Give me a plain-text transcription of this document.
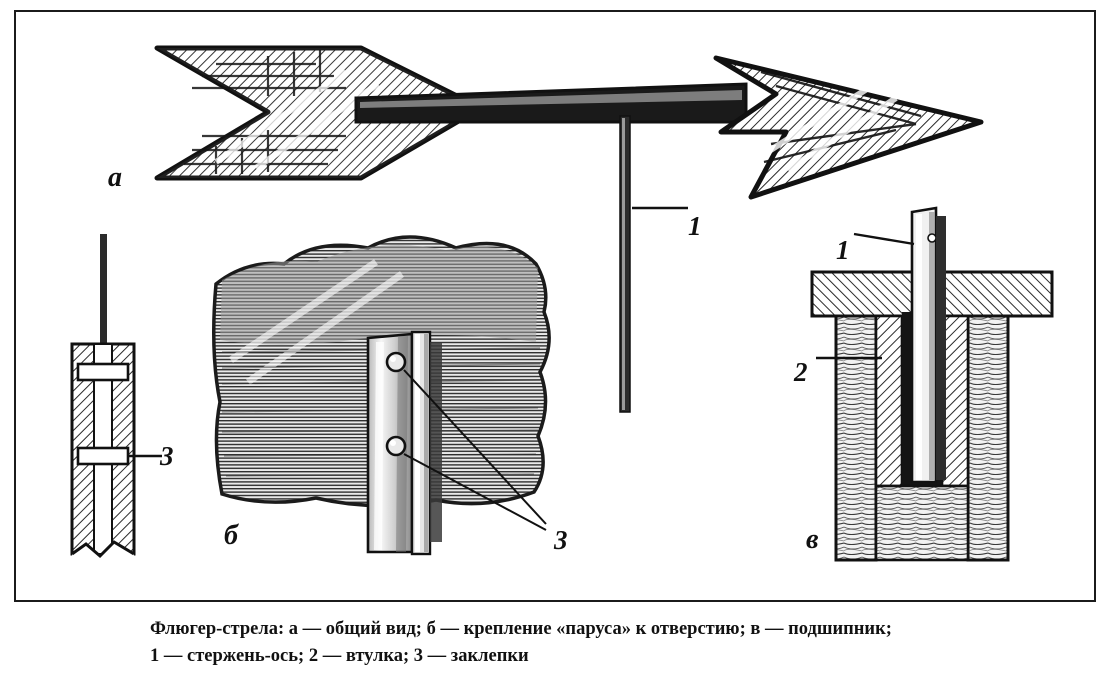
а
б	в
1
3
3
1
2
Флюгер-стрела: а — общий вид; б — крепление «паруса» к отверстию; в — подшипник;
1 — стержень-ось; 2 — втулка; 3 — заклепки
